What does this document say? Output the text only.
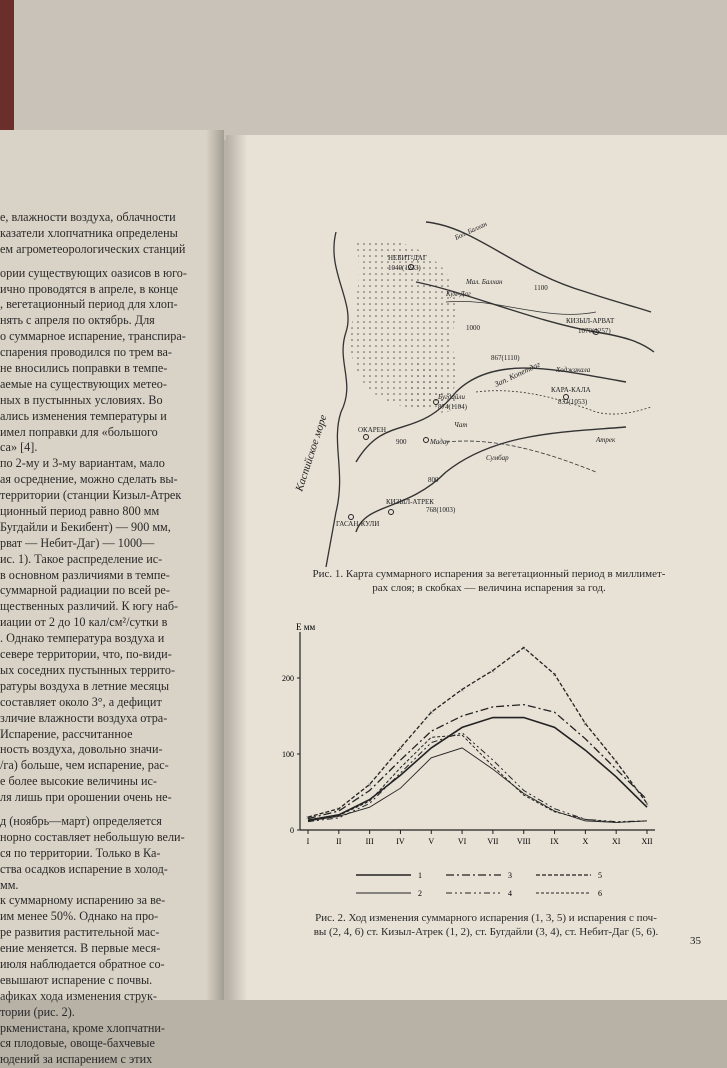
е, влажности воздуха, облачности
казатели хлопчатника определены
ем агрометеорологических станций
ории существующих оазисов в юго-
ично проводятся в апреле, в конце
, вегетационный период для хлоп-
нять с апреля по октябрь. Для
о суммарное испарение, транспира-
спарения проводился по трем ва-
не вносились поправки в темпе-
аемые на существующих метео-
ных в пустынных условиях. Во
ались изменения температуры и
имел поправки для «большого
са» [4].
по 2-му и 3-му вариантам, мало
ая осреднение, можно сделать вы-
территории (станции Кизыл-Атрек
ционный период равно 800 мм
Бугдайли и Бекибент) — 900 мм,
рват — Небит-Даг) — 1000—
ис. 1). Такое распределение ис-
в основном различиями в темпе-
суммарной радиации по всей ре-
щественных различий. К югу наб-
иации от 2 до 10 кал/см²/сутки в
. Однако температура воздуха и
севере территории, что, по-види-
ых соседних пустынных террито-
ратуры воздуха в летние месяцы
составляет около 3°, а дефицит
зличие влажности воздуха отра-
Испарение, рассчитанное
ность воздуха, довольно значи-
/га) больше, чем испарение, рас-
е более высокие величины ис-
ля лишь при орошении очень не-
д (ноябрь—март) определяется
норно составляет небольшую вели-
ся по территории. Только в Ка-
ства осадков испарение в холод-
мм.
к суммарному испарению за ве-
им менее 50%. Однако на про-
ре развития растительной мас-
ение меняется. В первые меся-
июля наблюдается обратное со-
евышают испарение с почвы.
афиках хода изменения струк-
тории (рис. 2).
ркменистана, кроме хлопчатни-
ся плодовые, овоще-бахчевые
юдений за испарением с этих
Каспийское море
Бол. Балхан
НЕБИТ-ДАГ
1040(1233)
Мал. Балхан
Кум-Даг
КИЗЫЛ-АРВАТ
1070(1257)
Зап. Копетдаг Ходжакала
КАРА-КАЛА
832(1053)
Бугдайли
874(1104)
ОКАРЕН
Мадау
Чат
КИЗЫЛ-АТРЕК
768(1003)
ГАСАН-КУЛИ
Атрек
Сумбар
1100
1000
900
800
867(1110)
Рис. 1. Карта суммарного испарения за вегетационный период в миллимет-
рах слоя; в скобках — величина испарения за год.
E мм
0
100
200
I	II	III	IV	V	VI	VII VIII IX	X	XI	XII
×
×
×
×
×
×
×
×
×
×
×
×
1
2
3
4
5
6
Рис. 2. Ход изменения суммарного испарения (1, 3, 5) и испарения с поч-
вы (2, 4, 6) ст. Кизыл-Атрек (1, 2), ст. Бугдайли (3, 4), ст. Небит-Даг (5, 6).
35
